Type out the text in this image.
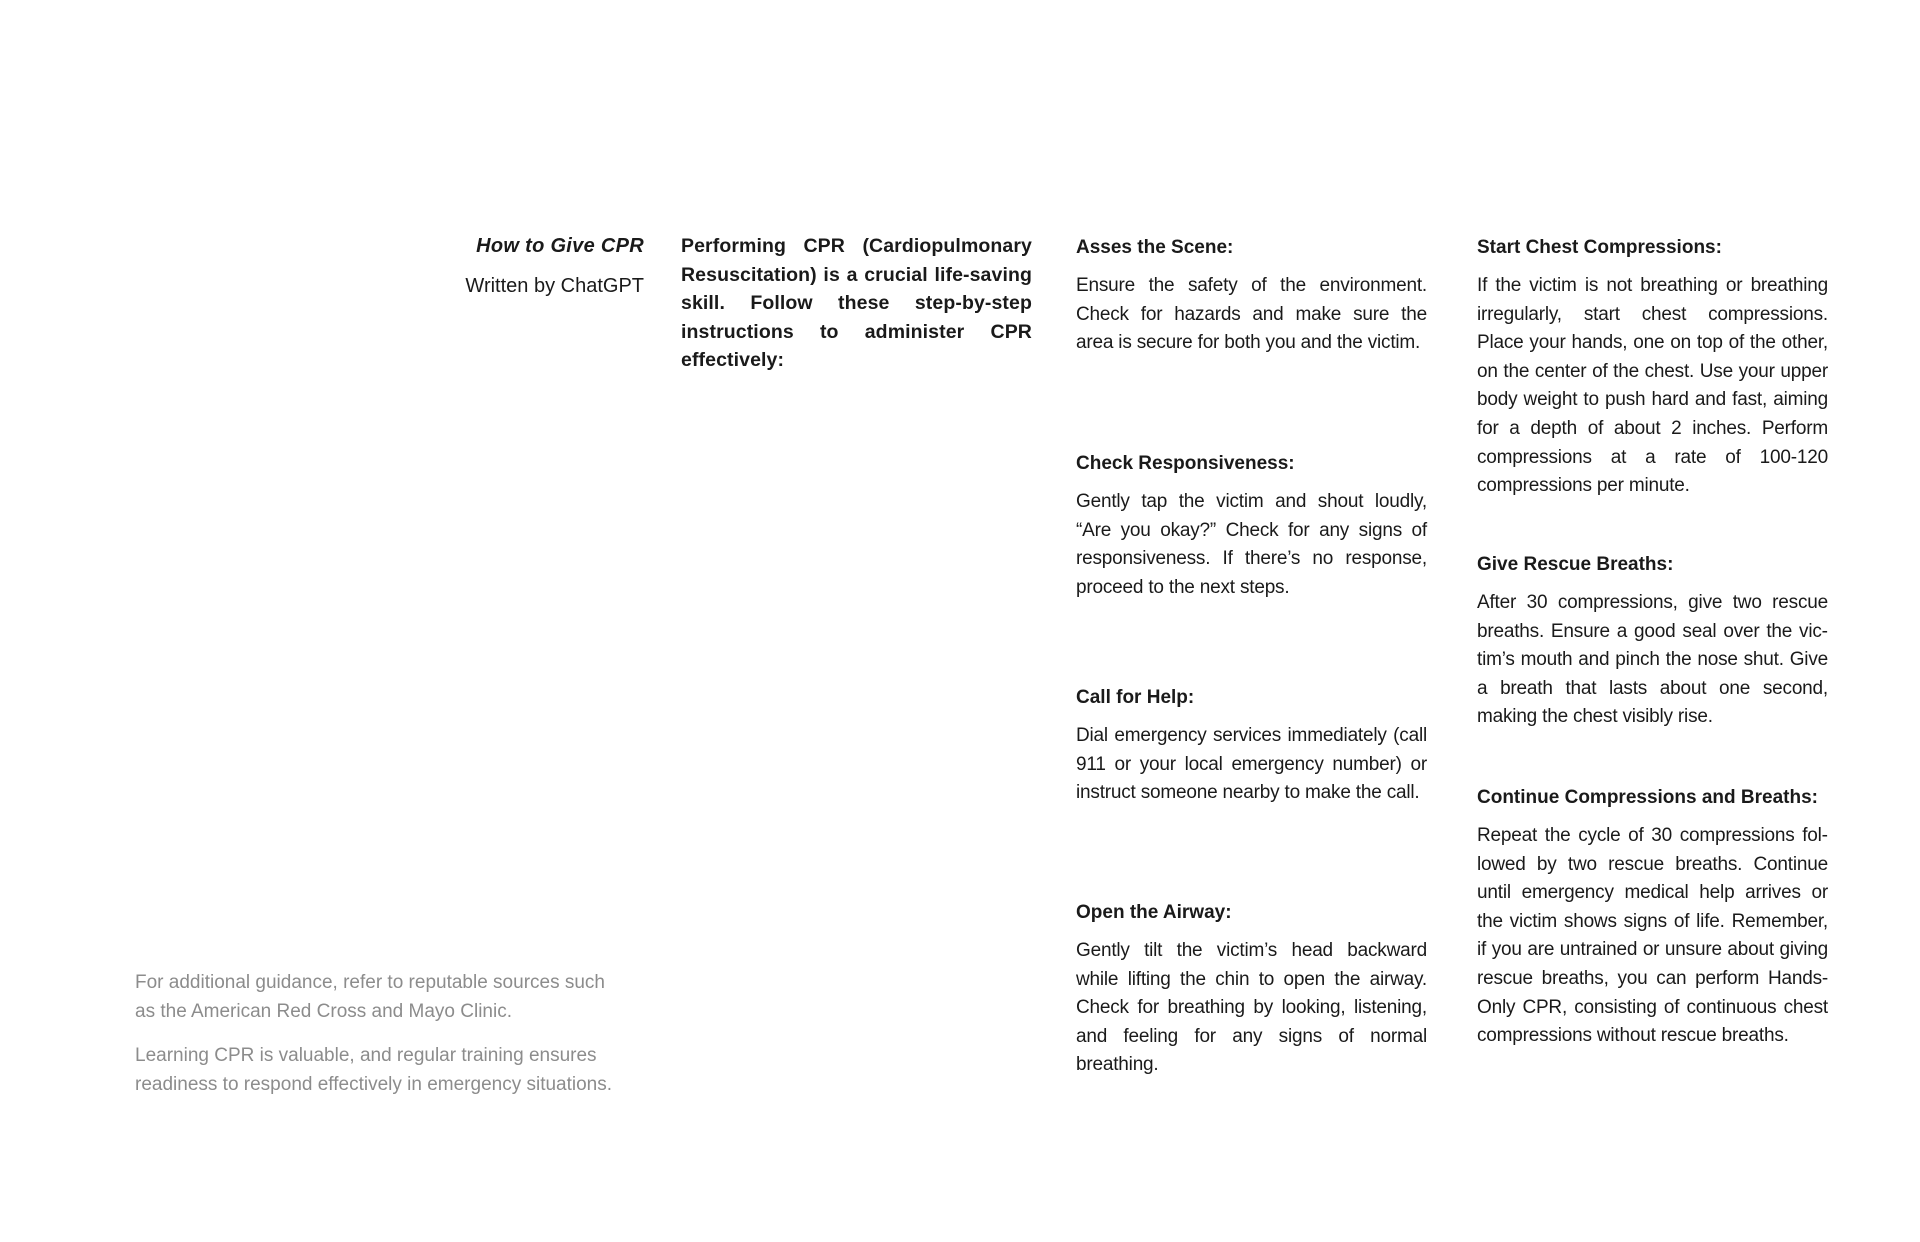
How to Give CPR

Written by ChatGPT

Performing CPR (Cardiopulmonary Resuscitation) is a crucial life-saving skill. Follow these step-by-step instructions to administer CPR effectively:

Asses the Scene:

Ensure the safety of the environment. Check for hazards and make sure the area is secure for both you and the victim.

Check Responsiveness:

Gently tap the victim and shout loudly, “Are you okay?” Check for any signs of responsiveness. If there’s no response, proceed to the next steps.

Call for Help:

Dial emergency services immediately (call 911 or your local emergency number) or instruct someone nearby to make the call.

Open the Airway:

Gently tilt the victim’s head backward while lifting the chin to open the airway. Check for breathing by looking, listening, and feeling for any signs of normal breathing.

Start Chest Compressions:

If the victim is not breathing or breathing irregularly, start chest compressions. Place your hands, one on top of the other, on the center of the chest. Use your upper body weight to push hard and fast, aiming for a depth of about 2 inches. Perform compressions at a rate of 100-120 compressions per minute.

Give Rescue Breaths:

After 30 compressions, give two rescue breaths. Ensure a good seal over the victim’s mouth and pinch the nose shut. Give a breath that lasts about one second, making the chest visibly rise.

Continue Compressions and Breaths:

Repeat the cycle of 30 compressions followed by two rescue breaths. Continue until emergency medical help arrives or the victim shows signs of life. Remember, if you are untrained or unsure about giving rescue breaths, you can perform Hands-Only CPR, consisting of continuous chest compressions without rescue breaths.

For additional guidance, refer to reputable sources such as the American Red Cross and Mayo Clinic.

Learning CPR is valuable, and regular training ensures readiness to respond effectively in emergency situations.
